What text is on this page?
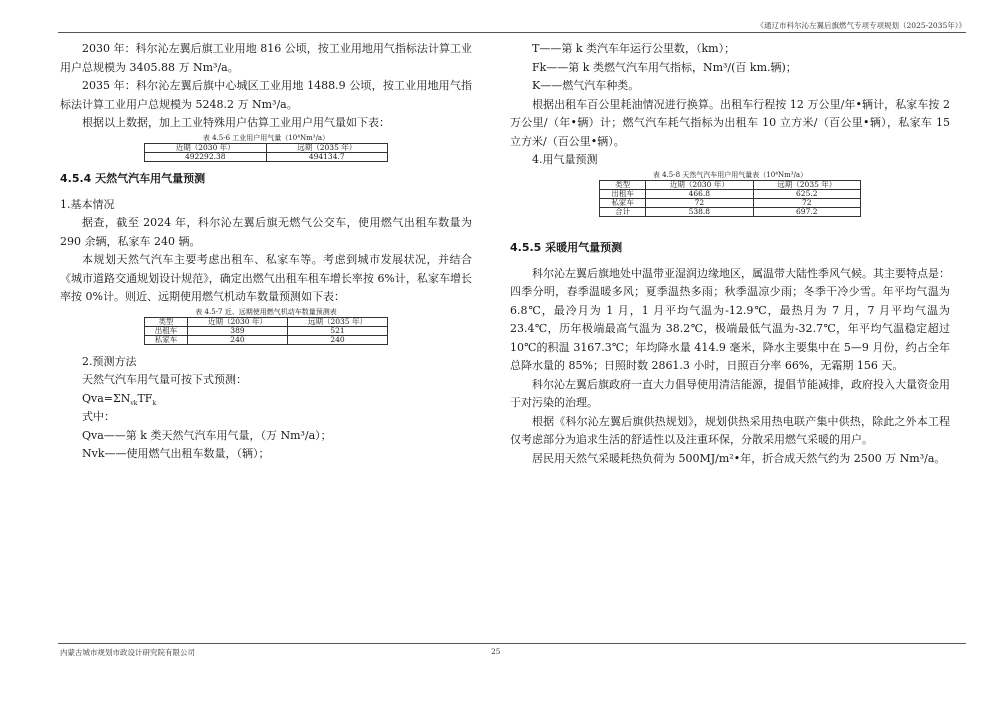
《通辽市科尔沁左翼后旗燃气专项专项规划（2025-2035年）》

2030 年：科尔沁左翼后旗工业用地 816 公顷，按工业用地用气指标法计算工业用户总规模为 3405.88 万 Nm³/a。

2035 年：科尔沁左翼后旗中心城区工业用地 1488.9 公顷，按工业用地用气指标法计算工业用户总规模为 5248.2 万 Nm³/a。

根据以上数据，加上工业特殊用户估算工业用户用气量如下表：

表 4.5-6 工业用户用气量（10⁴Nm³/a）
近期（2030 年）	远期（2035 年）
492292.38	494134.7
4.5.4 天然气汽车用气量预测
1.基本情况

据查，截至 2024 年，科尔沁左翼后旗无燃气公交车，使用燃气出租车数量为 290 余辆，私家车 240 辆。

本规划天然气汽车主要考虑出租车、私家车等。考虑到城市发展状况，并结合《城市道路交通规划设计规范》，确定出燃气出租车租车增长率按 6%计，私家车增长率按 0%计。则近、远期使用燃气机动车数量预测如下表：

表 4.5-7 近、远期使用燃气机动车数量预测表
类型	近期（2030 年）	远期（2035 年）
出租车	389	521
私家车	240	240
2.预测方法
天然气汽车用气量可按下式预测：
$Qva=\Sigma N_{vk}TF_k$
式中：
Qva——第 k 类天然气汽车用气量，（万 Nm³/a）；
Nvk——使用燃气出租车数量，（辆）；
T——第 k 类汽车年运行公里数，（km）；
Fk——第 k 类燃气汽车用气指标，Nm³/(百 km.辆)；
K——燃气汽车种类。

根据出租车百公里耗油情况进行换算。出租车行程按 12 万公里/年•辆计，私家车按 2 万公里/（年•辆）计；燃气汽车耗气指标为出租车 10 立方米/（百公里•辆），私家车 15 立方米/（百公里•辆）。

4.用气量预测
表 4.5-8 天然气汽车用户用气量表（10⁴Nm³/a）
类型	近期（2030 年）	远期（2035 年）
出租车	466.8	625.2
私家车	72	72
合计	538.8	697.2
4.5.5 采暖用气量预测

科尔沁左翼后旗地处中温带亚湿润边缘地区，属温带大陆性季风气候。其主要特点是：四季分明，春季温暖多风；夏季温热多雨；秋季温凉少雨；冬季干冷少雪。年平均气温为 6.8℃，最冷月为 1 月，1 月平均气温为-12.9℃，最热月为 7 月，7 月平均气温为 23.4℃，历年极端最高气温为 38.2℃，极端最低气温为-32.7℃，年平均气温稳定超过 10℃的积温 3167.3℃；年均降水量 414.9 毫米，降水主要集中在 5—9 月份，约占全年总降水量的 85%；日照时数 2861.3 小时，日照百分率 66%，无霜期 156 天。

科尔沁左翼后旗政府一直大力倡导使用清洁能源，提倡节能减排，政府投入大量资金用于对污染的治理。

根据《科尔沁左翼后旗供热规划》，规划供热采用热电联产集中供热，除此之外本工程仅考虑部分为追求生活的舒适性以及注重环保，分散采用燃气采暖的用户。

居民用天然气采暖耗热负荷为 500MJ/m²•年，折合成天然气约为 2500 万 Nm³/a。

内蒙古城市规划市政设计研究院有限公司	25
